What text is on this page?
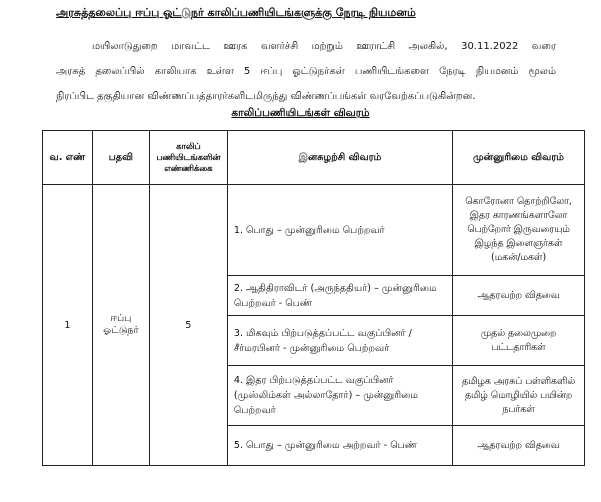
அரசுத்தலைப்பு ஈப்பு ஓட்டுநர் காலிப்பணியிடங்களுக்கு நேரடி நியமனம்
மயிலாடுதுறை மாவட்ட ஊரக வளர்ச்சி மற்றும் ஊராட்சி அலகில், 30.11.2022 வரை
அரசுத் தலைப்பில் காலியாக உள்ள 5 ஈப்பு ஓட்டுநர்கள் பணியிடங்களை நேரடி நியமனம் மூலம்
நிரப்பிட தகுதியான விண்ணப்பத்தாரர்களிடமிருந்து விண்ணப்பங்கள் வரவேற்கப்படுகின்றன.
காலிப்பணியிடங்கள் விவரம்
வ. எண்	பதவி	காலிப் பணியிடங்களின் எண்ணிக்கை	இனசுழற்சி விவரம்	முன்னுரிமை விவரம்
1	ஈப்பு ஓட்டுநர்	5	1. பொது – முன்னுரிமை பெற்றவர்	கொரோனா தொற்றிலோ, இதர காரணங்களாலோ பெற்றோர் இருவரையும் இழந்த இளைஞர்கள் (மகன்/மகள்)
			2. ஆதிதிராவிடர் (அருந்ததியர்) – முன்னுரிமை பெற்றவர் - பெண்	ஆதரவற்ற விதவை
			3. மிகவும் பிற்படுத்தப்பட்ட வகுப்பினர் / சீர்மரபினர் - முன்னுரிமை பெற்றவர்	முதல் தலைமுறை பட்டதாரிகள்
			4. இதர பிற்படுத்தப்பட்ட வகுப்பினர் (முஸ்லிம்கள் அல்லாதோர்) – முன்னுரிமை பெற்றவர்	தமிழக அரசுப் பள்ளிகளில் தமிழ் மொழியில் பயின்ற நபர்கள்
			5. பொது – முன்னுரிமை அற்றவர் - பெண்	ஆதரவற்ற விதவை
